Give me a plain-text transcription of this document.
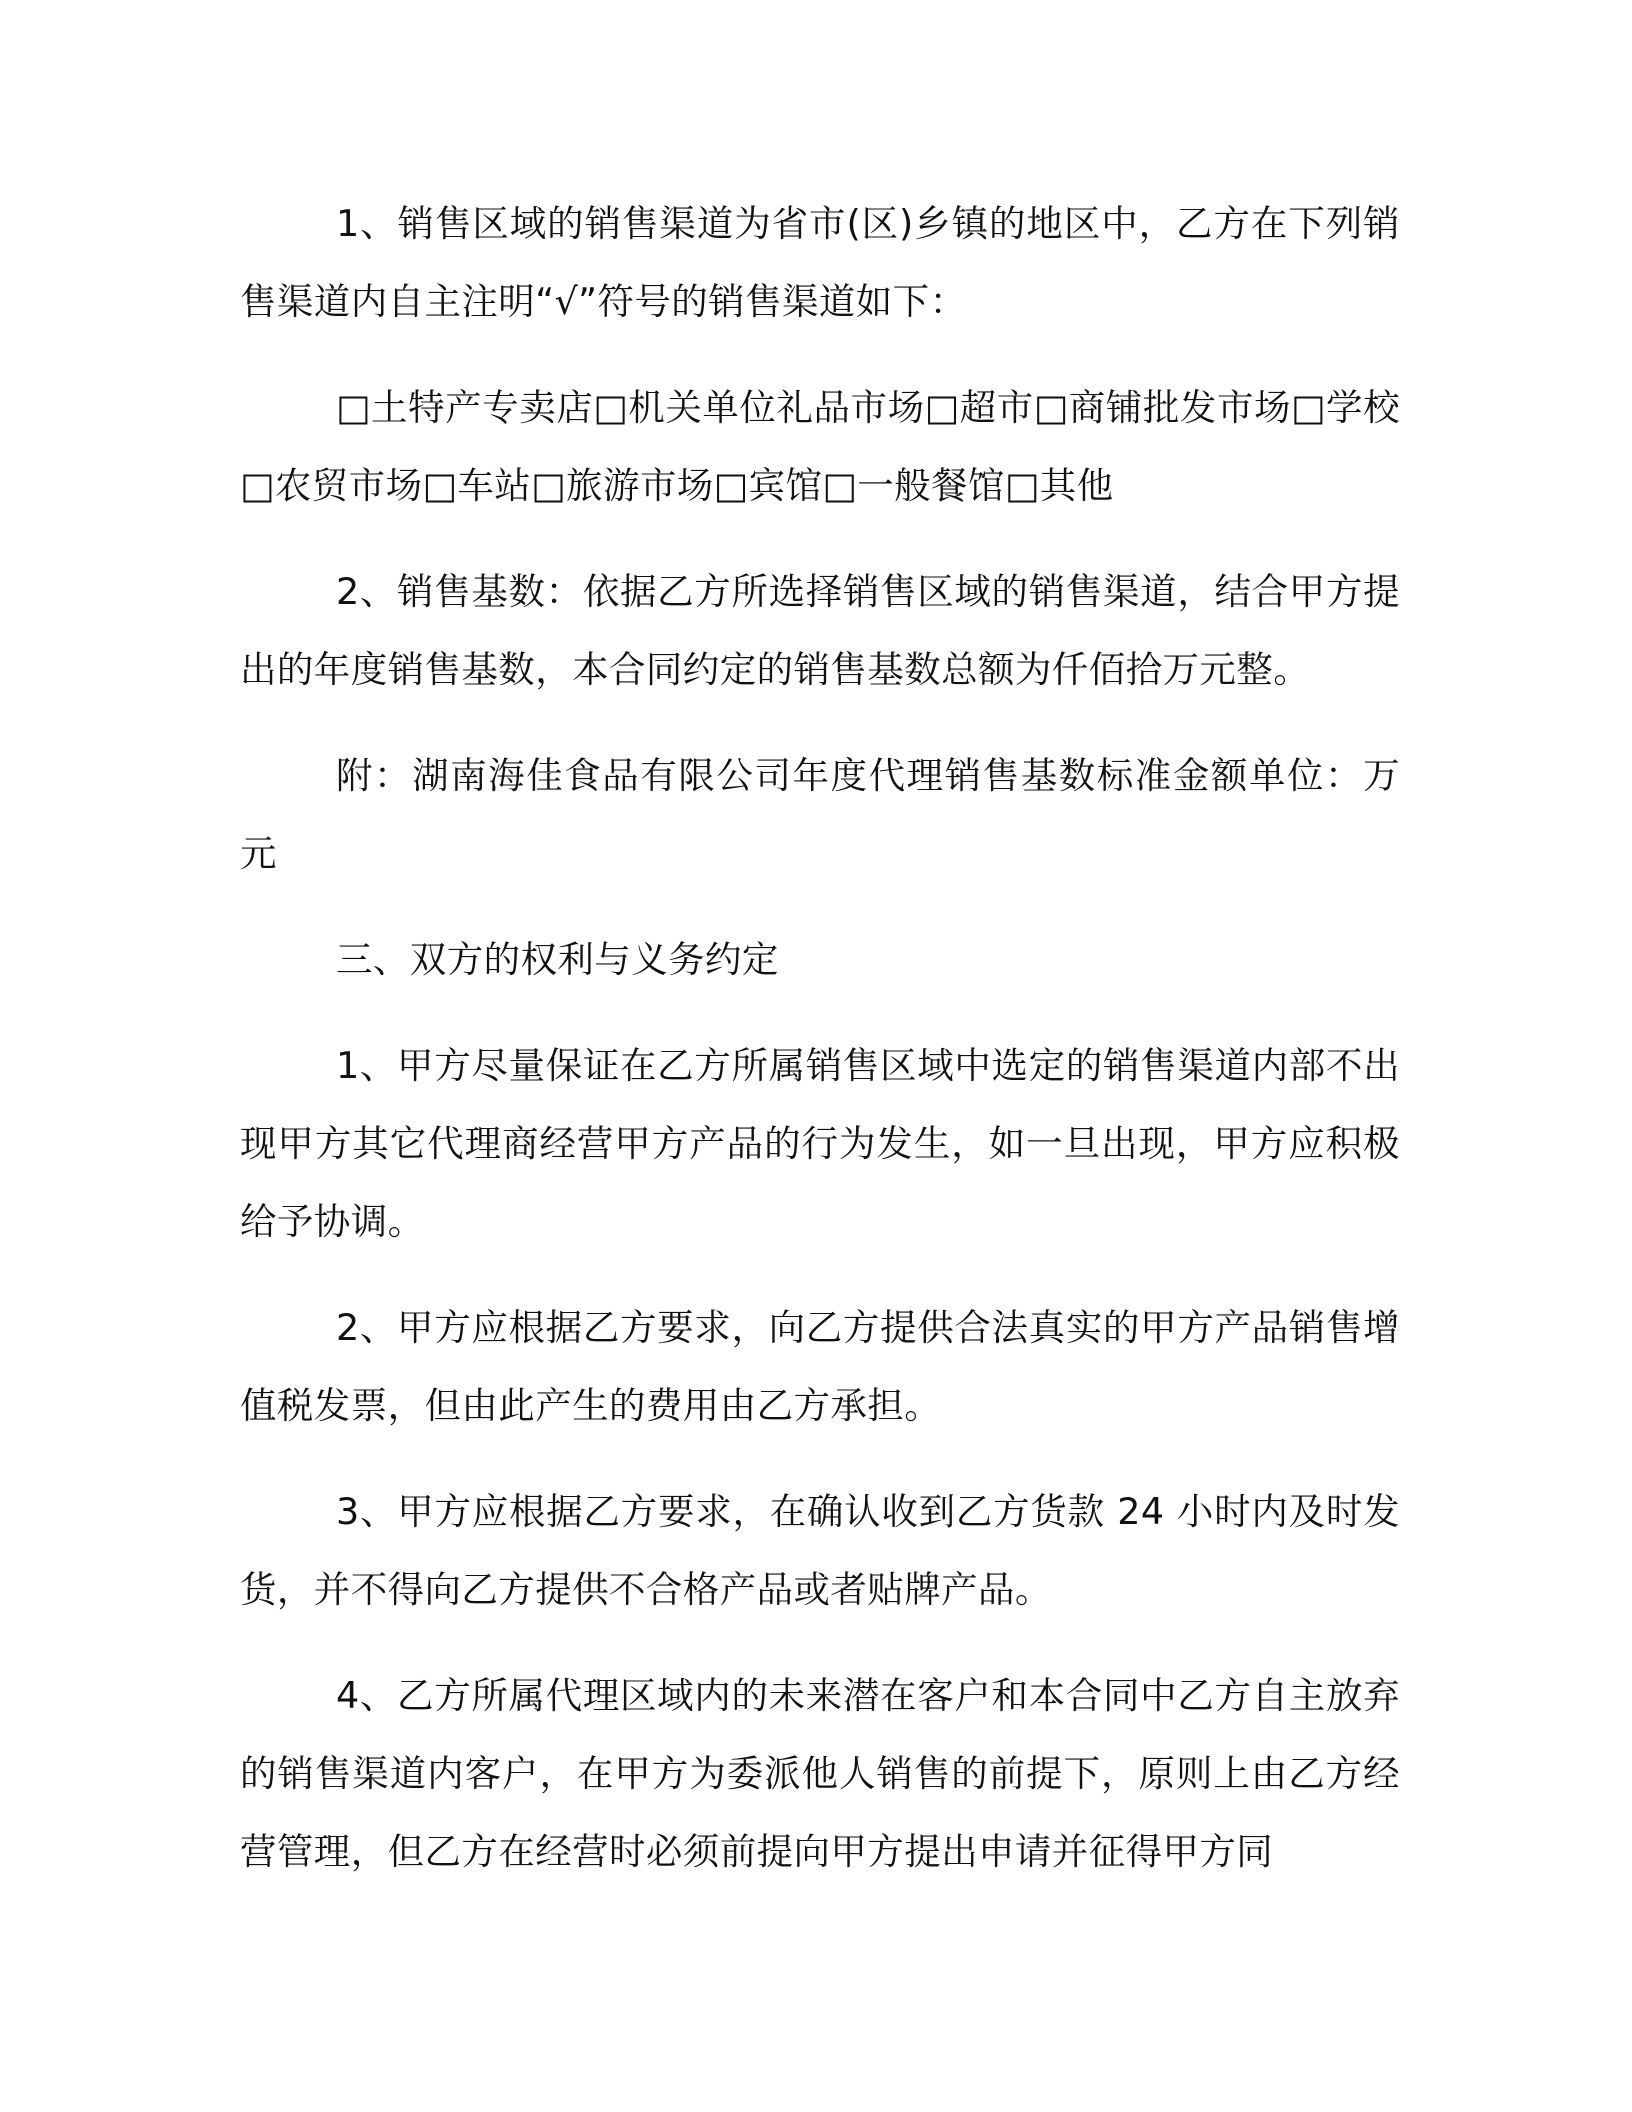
1、销售区域的销售渠道为省市(区)乡镇的地区中，乙方在下列销售渠道内自主注明“√”符号的销售渠道如下：

□土特产专卖店□机关单位礼品市场□超市□商铺批发市场□学校□农贸市场□车站□旅游市场□宾馆□一般餐馆□其他

2、销售基数：依据乙方所选择销售区域的销售渠道，结合甲方提出的年度销售基数，本合同约定的销售基数总额为仟佰拾万元整。

附：湖南海佳食品有限公司年度代理销售基数标准金额单位：万元

三、双方的权利与义务约定

1、甲方尽量保证在乙方所属销售区域中选定的销售渠道内部不出现甲方其它代理商经营甲方产品的行为发生，如一旦出现，甲方应积极给予协调。

2、甲方应根据乙方要求，向乙方提供合法真实的甲方产品销售增值税发票，但由此产生的费用由乙方承担。

3、甲方应根据乙方要求，在确认收到乙方货款 24 小时内及时发货，并不得向乙方提供不合格产品或者贴牌产品。

4、乙方所属代理区域内的未来潜在客户和本合同中乙方自主放弃的销售渠道内客户，在甲方为委派他人销售的前提下，原则上由乙方经营管理，但乙方在经营时必须前提向甲方提出申请并征得甲方同
